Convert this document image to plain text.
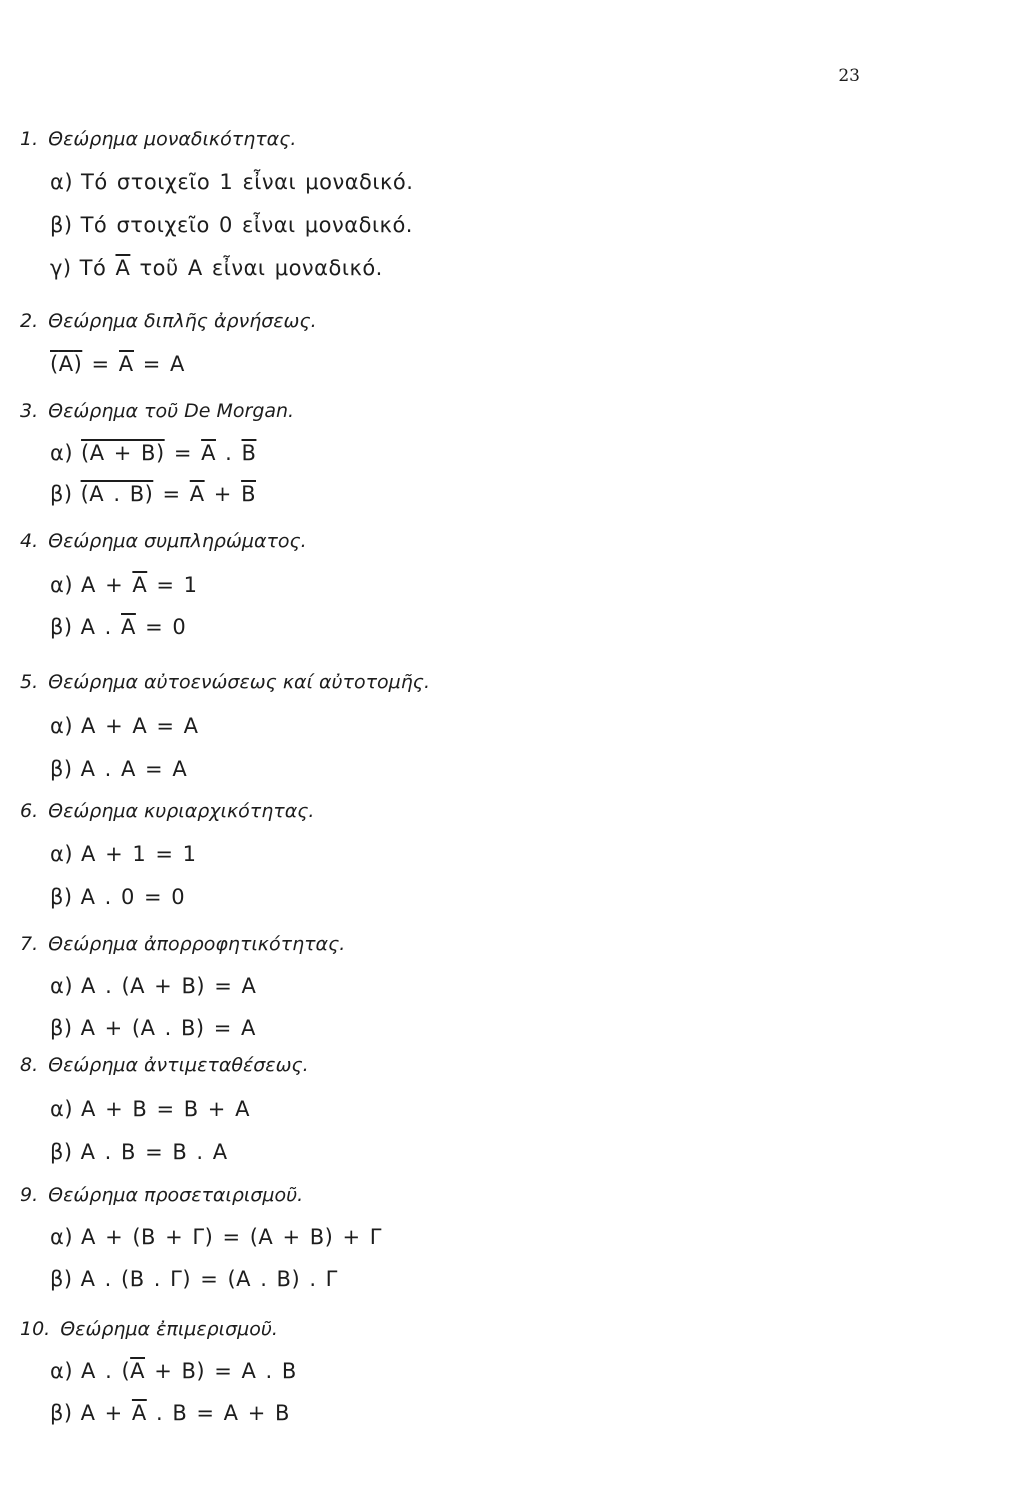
23
1. Θεώρημα μοναδικότητας.
α) Τό στοιχεῖο 1 εἶναι μοναδικό.
β) Τό στοιχεῖο 0 εἶναι μοναδικό.
γ) Τό $\overline{A}$ τοῦ Α εἶναι μοναδικό.
2. Θεώρημα διπλῆς ἀρνήσεως.
(Α) = Α = Α
3. Θεώρημα τοῦ De Morgan.
α) $(A + B) = \overline{A}$ . $\overline{B}$
β) (Α . $B) = \overline{A} + \overline{B}$
4. Θεώρημα συμπληρώματος.
α) $A + \overline{A} = 1$
β) Α . $\overline{A} = 0$
5. Θεώρημα αὐτοενώσεως καί αὐτοτομῆς.
α) Α + Α = Α
β) Α . Α = Α
6. Θεώρημα κυριαρχικότητας.
α) Α + 1 = 1
β) Α . 0 = 0
7. Θεώρημα ἀπορροφητικότητας.
α) Α . (Α + Β) = Α
β) Α + (Α . Β) = Α
8. Θεώρημα ἀντιμεταθέσεως.
α) Α + Β = Β + Α
β) Α . Β = Β . Α
9. Θεώρημα προσεταιρισμοῦ.
α) Α + (Β + Γ) = (Α + Β) + Γ
β) Α . (Β . Γ) = (Α . Β) . Γ
10. Θεώρημα ἐπιμερισμοῦ.
α) Α . $(\overline{A} + B) = A$ . Β
β) $A + \overline{A}$ . Β = Α + Β
